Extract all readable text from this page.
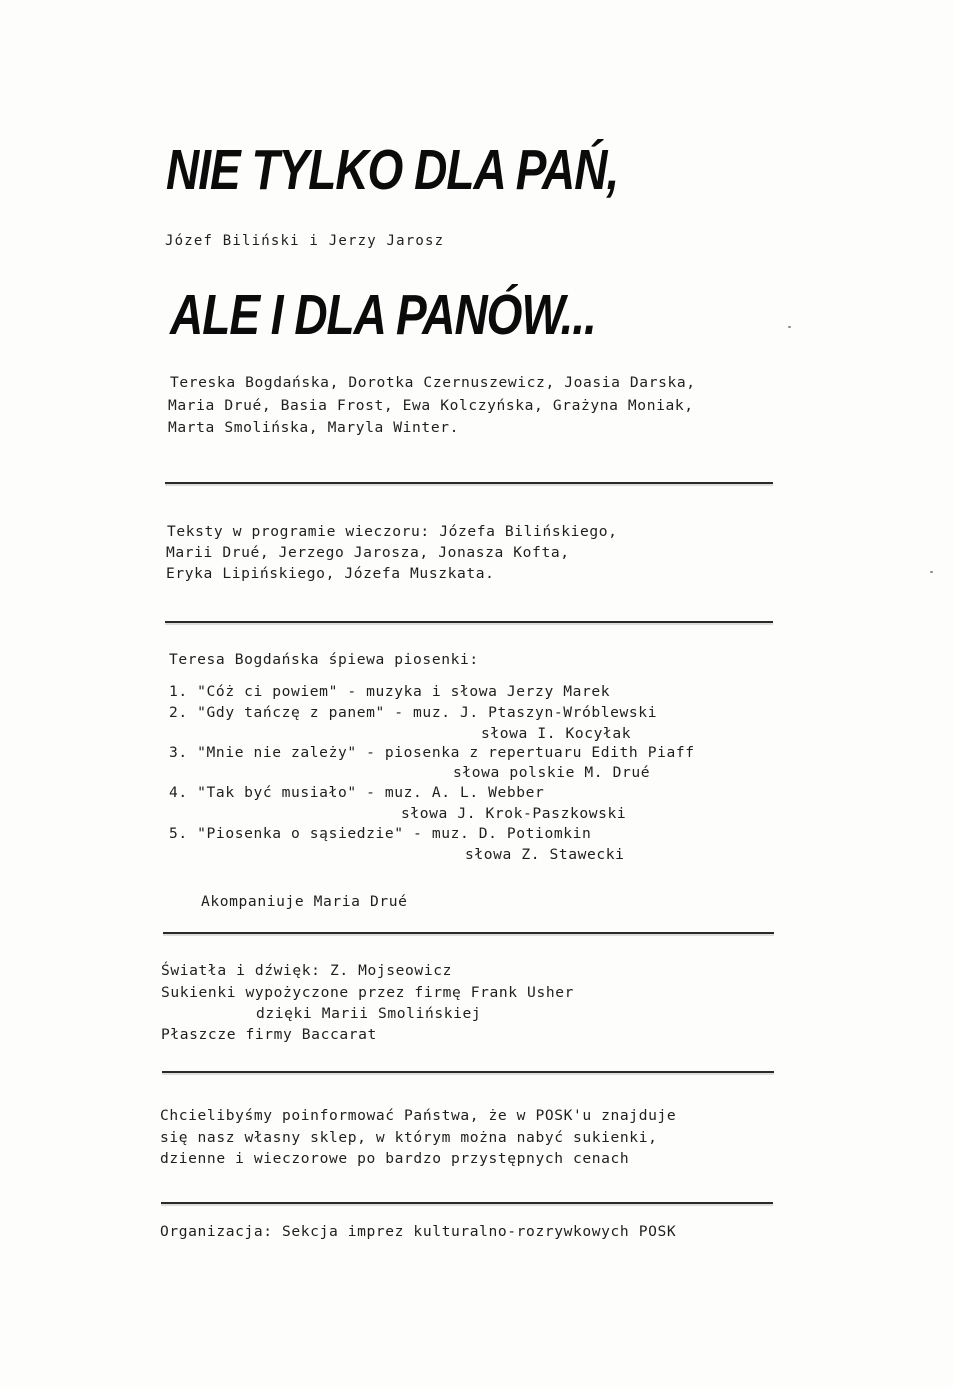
NIE TYLKO DLA PAŃ,

Józef Biliński i Jerzy Jarosz

ALE I DLA PANÓW...

Tereska Bogdańska, Dorotka Czernuszewicz, Joasia Darska,

Maria Drué, Basia Frost, Ewa Kolczyńska, Grażyna Moniak,

Marta Smolińska, Maryla Winter.

Teksty w programie wieczoru: Józefa Bilińskiego,

Marii Drué, Jerzego Jarosza, Jonasza Kofta,

Eryka Lipińskiego, Józefa Muszkata.

Teresa Bogdańska śpiewa piosenki:

1. "Cóż ci powiem" - muzyka i słowa Jerzy Marek

2. "Gdy tańczę z panem" - muz. J. Ptaszyn-Wróblewski

słowa I. Kocyłak

3. "Mnie nie zależy" - piosenka z repertuaru Edith Piaff

słowa polskie M. Drué

4. "Tak być musiało" - muz. A. L. Webber

słowa J. Krok-Paszkowski

5. "Piosenka o sąsiedzie" - muz. D. Potiomkin

słowa Z. Stawecki

Akompaniuje Maria Drué

Światła i dźwięk: Z. Mojseowicz

Sukienki wypożyczone przez firmę Frank Usher

dzięki Marii Smolińskiej

Płaszcze firmy Baccarat

Chcielibyśmy poinformować Państwa, że w POSK'u znajduje

się nasz własny sklep, w którym można nabyć sukienki,

dzienne i wieczorowe po bardzo przystępnych cenach

Organizacja: Sekcja imprez kulturalno-rozrywkowych POSK
